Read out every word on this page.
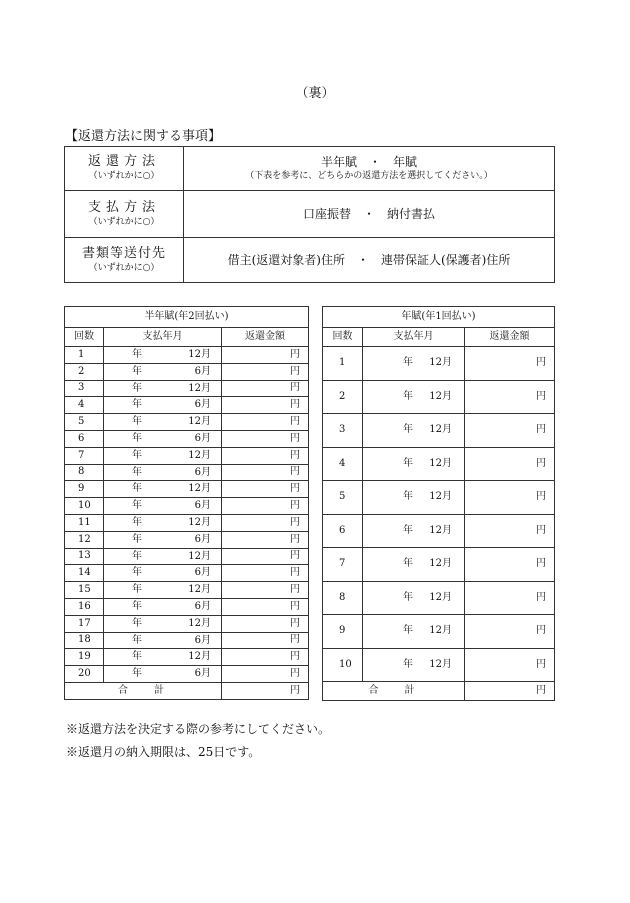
（裏）
【返還方法に関する事項】
返還方法
（いずれかに○）	半年賦　・　年賦
（下表を参考に、どちらかの返還方法を選択してください。）

支払方法
（いずれかに○）	口座振替　・　納付書払

書類等送付先
（いずれかに○）	借主(返還対象者)住所　・　連帯保証人(保護者)住所
半年賦(年2回払い)		
回数	支払年月	返還金額
1	年 12月	円
2	年 6月	円
3	年 12月	円
4	年 6月	円
5	年 12月	円
6	年 6月	円
7	年 12月	円
8	年 6月	円
9	年 12月	円
10	年 6月	円
11	年 12月	円
12	年 6月	円
13	年 12月	円
14	年 6月	円
15	年 12月	円
16	年 6月	円
17	年 12月	円
18	年 6月	円
19	年 12月	円
20	年 6月	円
合計		円
年賦(年1回払い)		
回数	支払年月	返還金額
1	年 12月	円
2	年 12月	円
3	年 12月	円
4	年 12月	円
5	年 12月	円
6	年 12月	円
7	年 12月	円
8	年 12月	円
9	年 12月	円
10	年 12月	円
合計		円
※返還方法を決定する際の参考にしてください。
※返還月の納入期限は、25日です。
